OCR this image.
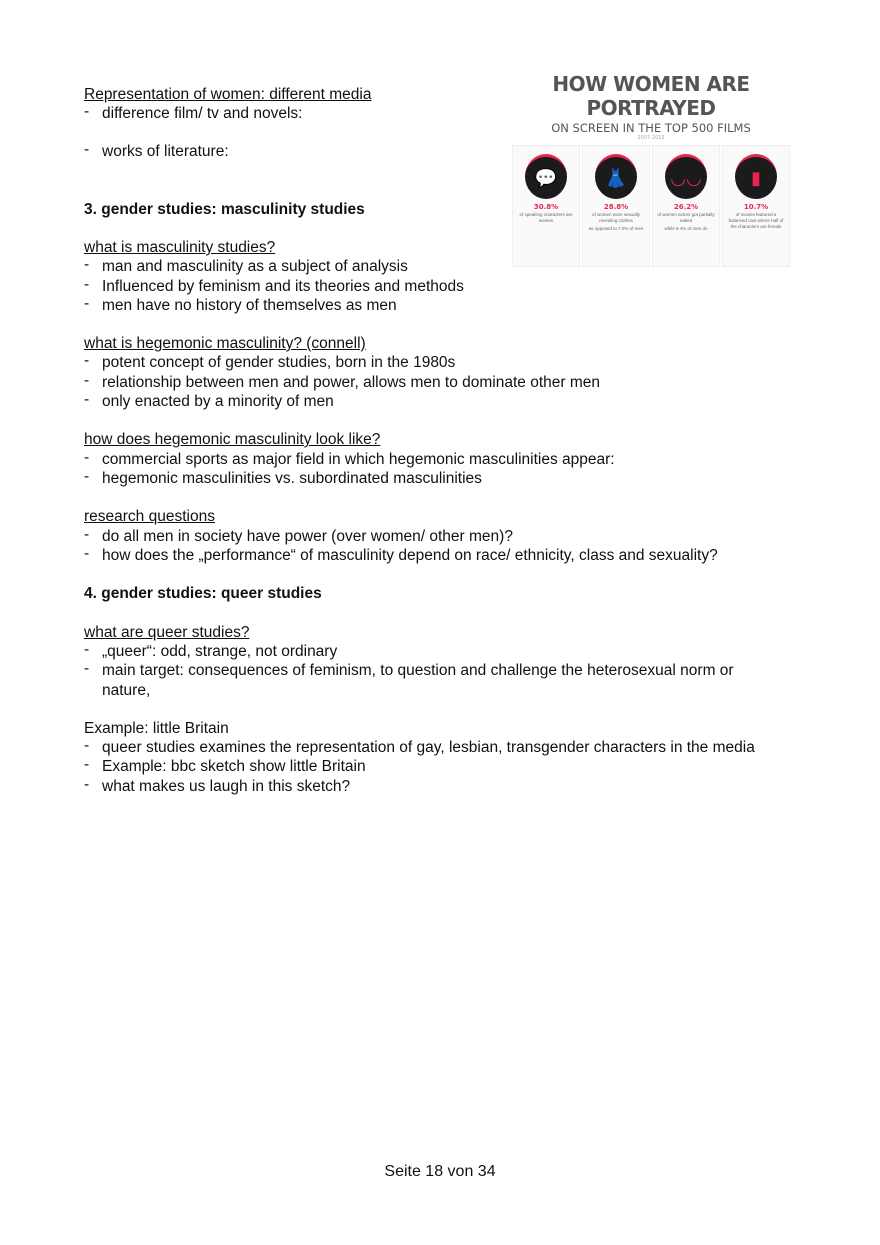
Representation of women: different media
- difference film/ tv and novels:
- works of literature:
3. gender studies: masculinity studies
what is masculinity studies?
- man and masculinity as a subject of analysis
- Influenced by feminism and its theories and methods
- men have no history of themselves as men
what is hegemonic masculinity? (connell)
- potent concept of gender studies, born in the 1980s
- relationship between men and power, allows men to dominate other men
- only enacted by a minority of men
how does hegemonic masculinity look like?
- commercial sports as major field in which hegemonic masculinities appear:
- hegemonic masculinities vs. subordinated masculinities
research questions
- do all men in society have power (over women/ other men)?
- how does the „performance“ of masculinity depend on race/ ethnicity, class and sexuality?
4. gender studies: queer studies
what are queer studies?
- „queer“: odd, strange, not ordinary
- main target: consequences of feminism, to question and challenge the heterosexual norm or
nature,
Example: little Britain
- queer studies examines the representation of gay, lesbian, transgender characters in the media
- Example: bbc sketch show little Britain
- what makes us laugh in this sketch?
HOW WOMEN ARE PORTRAYED
ON SCREEN IN THE TOP 500 FILMS
2007-2012
💬
30.8%
of speaking characters are women
👗
28.8%
of women wore sexually revealing clothes
as opposed to 7.0% of men
◡◡
26.2%
of women actors got partially naked
while 9.4% of men do
▮
10.7%
of movies featured a balanced cast where half of the characters are female
Seite 18 von 34
